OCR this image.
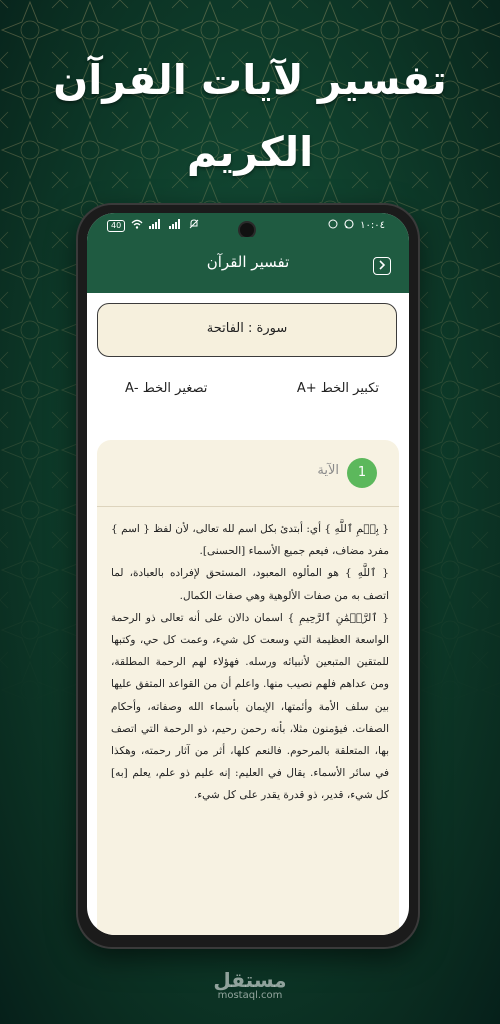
تفسير لآيات القرآن
الكريم
40	١٠:٠٤
تفسير القرآن
سورة : الفاتحة
تكبير الخط +A
تصغير الخط -A
1
الآية

{ بِسۡمِ ٱللَّهِ } أي: أبتدئ بكل اسم لله تعالى، لأن لفظ { اسم } مفرد مضاف، فيعم جميع الأسماء [الحسنى].

{ ٱللَّهِ } هو المألوه المعبود، المستحق لإفراده بالعبادة، لما اتصف به من صفات الألوهية وهي صفات الكمال.

{ ٱلرَّحۡمَٰنِ ٱلرَّحِيمِ } اسمان دالان على أنه تعالى ذو الرحمة الواسعة العظيمة التي وسعت كل شيء، وعمت كل حي، وكتبها للمتقين المتبعين لأنبيائه ورسله. فهؤلاء لهم الرحمة المطلقة، ومن عداهم فلهم نصيب منها. واعلم أن من القواعد المتفق عليها بين سلف الأمة وأئمتها، الإيمان بأسماء الله وصفاته، وأحكام الصفات. فيؤمنون مثلا، بأنه رحمن رحيم، ذو الرحمة التي اتصف بها، المتعلقة بالمرحوم. فالنعم كلها، أثر من آثار رحمته، وهكذا في سائر الأسماء. يقال في العليم: إنه عليم ذو علم، يعلم [به] كل شيء، قدير، ذو قدرة يقدر على كل شيء.

مستقل
mostaql.com
